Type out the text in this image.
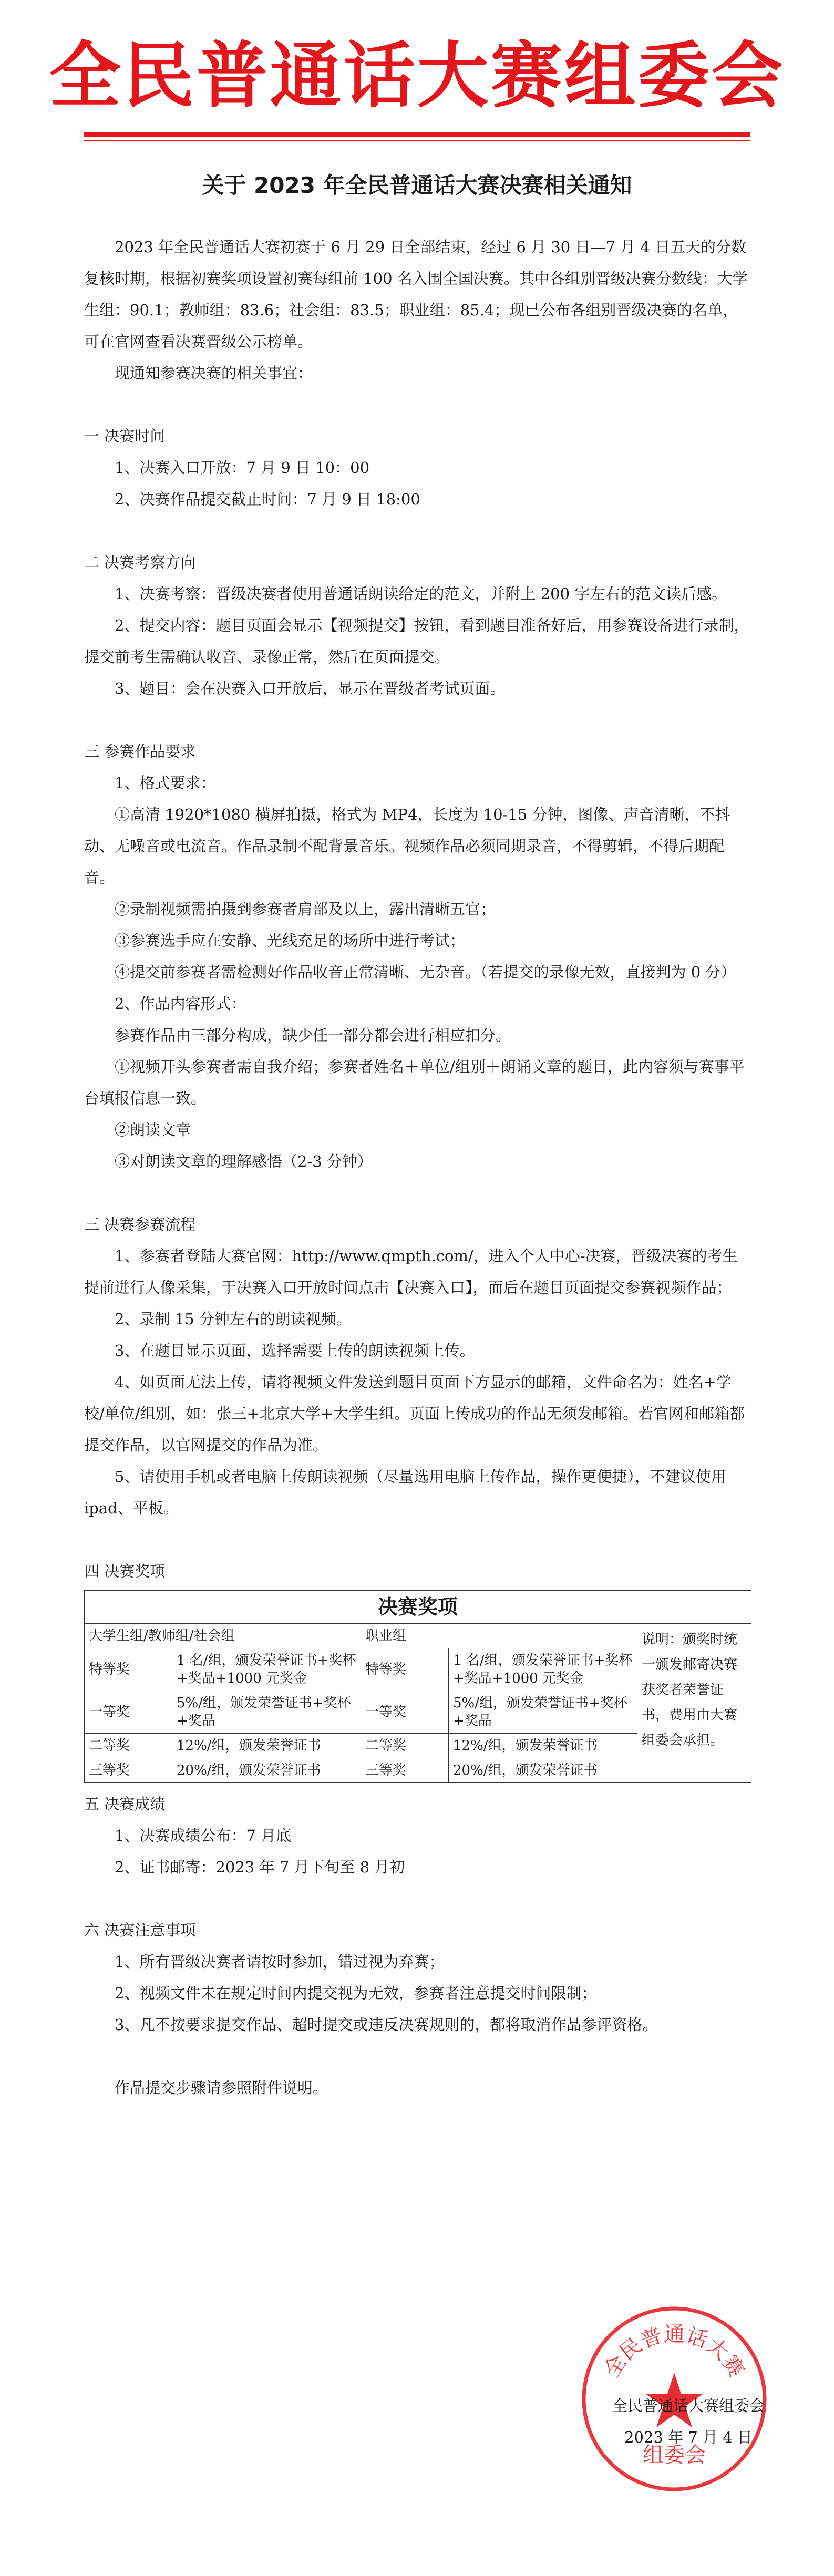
全民普通话大赛组委会
关于 2023 年全民普通话大赛决赛相关通知

2023 年全民普通话大赛初赛于 6 月 29 日全部结束，经过 6 月 30 日—7 月 4 日五天的分数复核时期，根据初赛奖项设置初赛每组前 100 名入围全国决赛。其中各组别晋级决赛分数线：大学生组：90.1；教师组：83.6；社会组：83.5；职业组：85.4；现已公布各组别晋级决赛的名单，可在官网查看决赛晋级公示榜单。

现通知参赛决赛的相关事宜：

一 决赛时间

1、决赛入口开放：7 月 9 日 10：00

2、决赛作品提交截止时间：7 月 9 日 18:00

二 决赛考察方向

1、决赛考察：晋级决赛者使用普通话朗读给定的范文，并附上 200 字左右的范文读后感。

2、提交内容：题目页面会显示【视频提交】按钮，看到题目准备好后，用参赛设备进行录制，提交前考生需确认收音、录像正常，然后在页面提交。

3、题目：会在决赛入口开放后，显示在晋级者考试页面。

三 参赛作品要求

1、格式要求：

①高清 1920*1080 横屏拍摄，格式为 MP4，长度为 10-15 分钟，图像、声音清晰，不抖动、无噪音或电流音。作品录制不配背景音乐。视频作品必须同期录音，不得剪辑，不得后期配音。

②录制视频需拍摄到参赛者肩部及以上，露出清晰五官；

③参赛选手应在安静、光线充足的场所中进行考试；

④提交前参赛者需检测好作品收音正常清晰、无杂音。（若提交的录像无效，直接判为 0 分）

2、作品内容形式：

参赛作品由三部分构成，缺少任一部分都会进行相应扣分。

①视频开头参赛者需自我介绍；参赛者姓名＋单位/组别＋朗诵文章的题目，此内容须与赛事平台填报信息一致。

②朗读文章

③对朗读文章的理解感悟（2-3 分钟）

三 决赛参赛流程

1、参赛者登陆大赛官网：http://www.qmpth.com/，进入个人中心-决赛，晋级决赛的考生提前进行人像采集，于决赛入口开放时间点击【决赛入口】，而后在题目页面提交参赛视频作品；

2、录制 15 分钟左右的朗读视频。

3、在题目显示页面，选择需要上传的朗读视频上传。

4、如页面无法上传，请将视频文件发送到题目页面下方显示的邮箱，文件命名为：姓名+学校/单位/组别，如：张三+北京大学+大学生组。页面上传成功的作品无须发邮箱。若官网和邮箱都提交作品，以官网提交的作品为准。

5、请使用手机或者电脑上传朗读视频（尽量选用电脑上传作品，操作更便捷），不建议使用 ipad、平板。

四 决赛奖项

决赛奖项				
大学生组/教师组/社会组		职业组		说明：颁奖时统一颁发邮寄决赛获奖者荣誉证书，费用由大赛组委会承担。
特等奖	1 名/组，颁发荣誉证书+奖杯+奖品+1000 元奖金	特等奖	1 名/组，颁发荣誉证书+奖杯+奖品+1000 元奖金	
一等奖	5%/组，颁发荣誉证书+奖杯+奖品	一等奖	5%/组，颁发荣誉证书+奖杯+奖品	
二等奖	12%/组，颁发荣誉证书	二等奖	12%/组，颁发荣誉证书	
三等奖	20%/组，颁发荣誉证书	三等奖	20%/组，颁发荣誉证书	

五 决赛成绩

1、决赛成绩公布：7 月底

2、证书邮寄：2023 年 7 月下旬至 8 月初

六 决赛注意事项

1、所有晋级决赛者请按时参加，错过视为弃赛；

2、视频文件未在规定时间内提交视为无效，参赛者注意提交时间限制；

3、凡不按要求提交作品、超时提交或违反决赛规则的，都将取消作品参评资格。

作品提交步骤请参照附件说明。

全民普通话大赛
组委会
全民普通话大赛组委会
2023 年 7 月 4 日
